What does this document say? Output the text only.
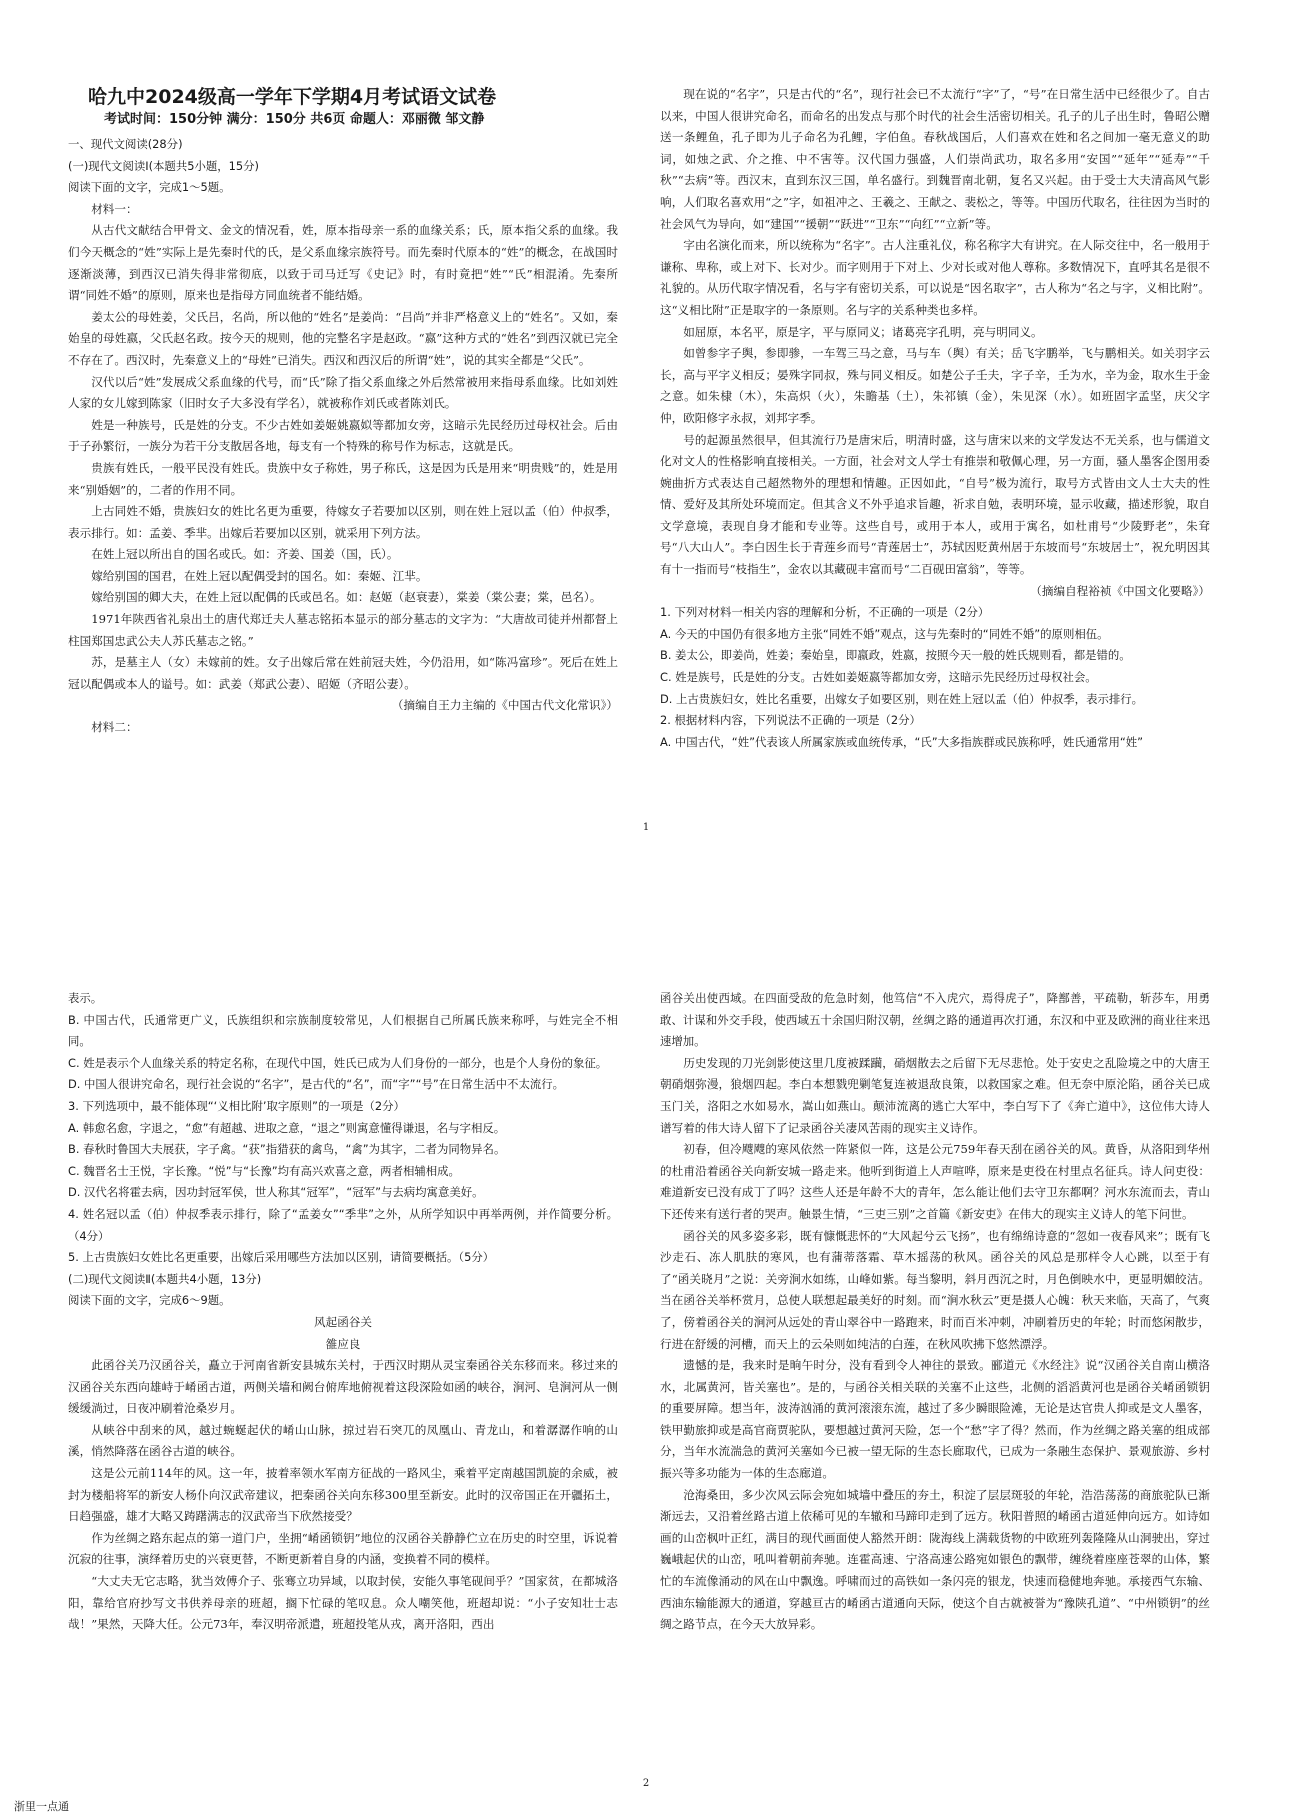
哈九中2024级高一学年下学期4月考试语文试卷
考试时间：150分钟 满分：150分 共6页 命题人：邓丽微 邹文静

一、现代文阅读(28分)

(一)现代文阅读Ⅰ(本题共5小题，15分)

阅读下面的文字，完成1～5题。

材料一：

从古代文献结合甲骨文、金文的情况看，姓，原本指母亲一系的血缘关系；氏，原本指父系的血缘。我们今天概念的“姓”实际上是先秦时代的氏，是父系血缘宗族符号。而先秦时代原本的“姓”的概念，在战国时逐渐淡薄，到西汉已消失得非常彻底，以致于司马迁写《史记》时，有时竟把“姓”“氏”相混淆。先秦所谓“同姓不婚”的原则，原来也是指母方同血统者不能结婚。

姜太公的母姓姜，父氏吕，名尚，所以他的“姓名”是姜尚：“吕尚”并非严格意义上的“姓名”。又如，秦始皇的母姓嬴，父氏赵名政。按今天的规则，他的完整名字是赵政。“嬴”这种方式的“姓名”到西汉就已完全不存在了。西汉时，先秦意义上的“母姓”已消失。西汉和西汉后的所谓“姓”，说的其实全都是“父氏”。

汉代以后“姓”发展成父系血缘的代号，而“氏”除了指父系血缘之外后然常被用来指母系血缘。比如刘姓人家的女儿嫁到陈家（旧时女子大多没有学名），就被称作刘氏或者陈刘氏。

姓是一种族号，氏是姓的分支。不少古姓如姜姬姚嬴姒等都加女旁，这暗示先民经历过母权社会。后由于子孙繁衍，一族分为若干分支散居各地，每支有一个特殊的称号作为标志，这就是氏。

贵族有姓氏，一般平民没有姓氏。贵族中女子称姓，男子称氏，这是因为氏是用来“明贵贱”的，姓是用来“别婚姻”的，二者的作用不同。

上古同姓不婚，贵族妇女的姓比名更为重要，待嫁女子若要加以区别，则在姓上冠以孟（伯）仲叔季，表示排行。如：孟姜、季芈。出嫁后若要加以区别，就采用下列方法。

在姓上冠以所出自的国名或氏。如：齐姜、国姜（国，氏）。

嫁给别国的国君，在姓上冠以配偶受封的国名。如：秦姬、江芈。

嫁给别国的卿大夫，在姓上冠以配偶的氏或邑名。如：赵姬（赵衰妻），棠姜（棠公妻；棠，邑名）。

1971年陕西省礼泉出土的唐代郑迁夫人墓志铭拓本显示的部分墓志的文字为：“大唐故司徒并州都督上柱国郑国忠武公夫人苏氏墓志之铭。”

苏，是墓主人（女）未嫁前的姓。女子出嫁后常在姓前冠夫姓，今仍沿用，如“陈冯富珍”。死后在姓上冠以配偶或本人的谥号。如：武姜（郑武公妻）、昭姬（齐昭公妻）。

（摘编自王力主编的《中国古代文化常识》）

材料二：

现在说的“名字”，只是古代的“名”，现行社会已不太流行“字”了，“号”在日常生活中已经很少了。自古以来，中国人很讲究命名，而命名的出发点与那个时代的社会生活密切相关。孔子的儿子出生时，鲁昭公赠送一条鲤鱼，孔子即为儿子命名为孔鲤，字伯鱼。春秋战国后，人们喜欢在姓和名之间加一毫无意义的助词，如烛之武、介之推、中不害等。汉代国力强盛，人们崇尚武功，取名多用“安国”“延年”“延寿”“千秋”“去病”等。西汉末，直到东汉三国，单名盛行。到魏晋南北朝，复名又兴起。由于受士大夫清高风气影响，人们取名喜欢用“之”字，如祖冲之、王羲之、王献之、裴松之，等等。中国历代取名，往往因为当时的社会风气为导向，如“建国”“援朝”“跃进”“卫东”“向红”“立新”等。

字由名演化而来，所以统称为“名字”。古人注重礼仪，称名称字大有讲究。在人际交往中，名一般用于谦称、卑称，或上对下、长对少。而字则用于下对上、少对长或对他人尊称。多数情况下，直呼其名是很不礼貌的。从历代取字情况看，名与字有密切关系，可以说是“因名取字”，古人称为“名之与字，义相比附”。这“义相比附”正是取字的一条原则。名与字的关系种类也多样。

如屈原，本名平，原是字，平与原同义；诸葛亮字孔明，亮与明同义。

如曾参字子舆，参即骖，一车驾三马之意，马与车（舆）有关；岳飞字鹏举，飞与鹏相关。如关羽字云长，高与平字义相反；晏殊字同叔，殊与同义相反。如楚公子壬夫，字子辛，壬为水，辛为金，取水生于金之意。如朱棣（木），朱高炽（火），朱瞻基（土），朱祁镇（金），朱见深（水）。如班固字孟坚，庆父字仲，欧阳修字永叔，刘邦字季。

号的起源虽然很早，但其流行乃是唐宋后，明清时盛，这与唐宋以来的文学发达不无关系，也与儒道文化对文人的性格影响直接相关。一方面，社会对文人学士有推崇和敬佩心理，另一方面，骚人墨客企图用委婉曲折方式表达自己超然物外的理想和情趣。正因如此，“自号”极为流行，取号方式皆由文人士大夫的性情、爱好及其所处环境而定。但其含义不外乎追求旨趣，祈求自勉，表明环境，显示收藏，描述形貌，取自文学意境，表现自身才能和专业等。这些自号，或用于本人，或用于寓名，如杜甫号“少陵野老”，朱耷号“八大山人”。李白因生长于青莲乡而号“青莲居士”，苏轼因贬黄州居于东坡而号“东坡居士”，祝允明因其有十一指而号“枝指生”，金农以其藏砚丰富而号“二百砚田富翁”，等等。

（摘编自程裕祯《中国文化要略》）

1. 下列对材料一相关内容的理解和分析，不正确的一项是（2分）

A. 今天的中国仍有很多地方主张“同姓不婚”观点，这与先秦时的“同姓不婚”的原则相伍。

B. 姜太公，即姜尚，姓姜；秦始皇，即嬴政，姓嬴，按照今天一般的姓氏规则看，都是错的。

C. 姓是族号，氏是姓的分支。古姓如姜姬嬴等都加女旁，这暗示先民经历过母权社会。

D. 上古贵族妇女，姓比名重要，出嫁女子如要区别，则在姓上冠以孟（伯）仲叔季，表示排行。

2. 根据材料内容，下列说法不正确的一项是（2分）

A. 中国古代，“姓”代表该人所属家族或血统传承，“氏”大多指族群或民族称呼，姓氏通常用“姓”

1

表示。

B. 中国古代，氏通常更广义，氏族组织和宗族制度较常见，人们根据自己所属氏族来称呼，与姓完全不相同。

C. 姓是表示个人血缘关系的特定名称，在现代中国，姓氏已成为人们身份的一部分，也是个人身份的象征。

D. 中国人很讲究命名，现行社会说的“名字”，是古代的“名”，而“字”“号”在日常生活中不太流行。

3. 下列选项中，最不能体现“‘义相比附’取字原则”的一项是（2分）

A. 韩愈名愈，字退之，“愈”有超越、进取之意，“退之”则寓意懂得谦退，名与字相反。

B. 春秋时鲁国大夫展获，字子禽。“获”指猎获的禽鸟，“禽”为其字，二者为同物异名。

C. 魏晋名士王悦，字长豫。“悦”与“长豫”均有高兴欢喜之意，两者相辅相成。

D. 汉代名将霍去病，因功封冠军侯，世人称其“冠军”，“冠军”与去病均寓意美好。

4. 姓名冠以孟（伯）仲叔季表示排行，除了“孟姜女”“季芈”之外，从所学知识中再举两例，并作简要分析。（4分）

5. 上古贵族妇女姓比名更重要，出嫁后采用哪些方法加以区别，请简要概括。（5分）

(二)现代文阅读Ⅱ(本题共4小题，13分)

阅读下面的文字，完成6～9题。

风起函谷关

雒应良

此函谷关乃汉函谷关，矗立于河南省新安县城东关村，于西汉时期从灵宝秦函谷关东移而来。移过来的汉函谷关东西向雄峙于崤函古道，两侧关墙和阙台俯库地俯视着这段深险如函的峡谷，涧河、皂涧河从一侧缓缓淌过，日夜冲刷着沧桑岁月。

从峡谷中刮来的风，越过蜿蜒起伏的崤山山脉，掠过岩石突兀的凤凰山、青龙山，和着潺潺作响的山溪，悄然降落在函谷古道的峡谷。

这是公元前114年的风。这一年，披着率领水军南方征战的一路风尘，乘着平定南越国凯旋的余威，被封为楼船将军的新安人杨仆向汉武帝建议，把秦函谷关向东移300里至新安。此时的汉帝国正在开疆拓土，日趋强盛，雄才大略又踌躇满志的汉武帝当下欣然接受？

作为丝绸之路东起点的第一道门户，坐拥“崤函锁钥”地位的汉函谷关静静伫立在历史的时空里，诉说着沉寂的往事，演绎着历史的兴衰更替，不断更新着自身的内涵，变换着不同的模样。

“大丈夫无它志略，犹当效傅介子、张骞立功异域，以取封侯，安能久事笔砚间乎？”国家贫，在都城洛阳，靠给官府抄写文书供养母亲的班超，搁下忙碌的笔叹息。众人嘲笑他，班超却说：“小子安知壮士志哉！”果然，天降大任。公元73年，奉汉明帝派遣，班超投笔从戎，离开洛阳，西出

函谷关出使西域。在四面受敌的危急时刻，他笃信“不入虎穴，焉得虎子”，降鄯善，平疏勒，斩莎车，用勇敢、计谋和外交手段，使西域五十余国归附汉朝，丝绸之路的通道再次打通，东汉和中亚及欧洲的商业往来迅速增加。

历史发现的刀光剑影使这里几度被蹂躏，硝烟散去之后留下无尽悲怆。处于安史之乱险境之中的大唐王朝硝烟弥漫，狼烟四起。李白本想戮兜剿笔复连被退敌良策，以救国家之难。但无奈中原沦陷，函谷关已成玉门关，洛阳之水如易水，嵩山如燕山。颠沛流离的逃亡大军中，李白写下了《奔亡道中》，这位伟大诗人谱写着的伟大诗人留下了记录函谷关凄风苦雨的现实主义诗作。

初春，但冷飕飕的寒风依然一阵紧似一阵，这是公元759年春天刮在函谷关的风。黄昏，从洛阳到华州的杜甫沿着函谷关向新安城一路走来。他听到街道上人声喧哗，原来是吏役在村里点名征兵。诗人问吏役：难道新安已没有成丁了吗？这些人还是年龄不大的青年，怎么能让他们去守卫东都啊？河水东流而去，青山下还传来有送行者的哭声。触景生情，“三吏三别”之首篇《新安吏》在伟大的现实主义诗人的笔下问世。

函谷关的风多姿多彩，既有慷慨悲怀的“大风起兮云飞扬”，也有绵绵诗意的“忽如一夜春风来”；既有飞沙走石、冻人肌肤的寒风，也有蒲蒂落霜、草木摇荡的秋风。函谷关的风总是那样令人心跳，以至于有了“函关晓月”之说：关旁涧水如练，山峰如紫。每当黎明，斜月西沉之时，月色倒映水中，更显明媚皎洁。当在函谷关举杯赏月，总使人联想起最美好的时刻。而“涧水秋云”更是摄人心魄：秋天来临，天高了，气爽了，傍着函谷关的涧河从远处的青山翠谷中一路跑来，时而百米冲刺，冲刷着历史的年轮；时而悠闲散步，行进在舒缓的河槽，而天上的云朵则如纯洁的白莲，在秋风吹拂下悠然漂浮。

遗憾的是，我来时是晌午时分，没有看到令人神往的景致。郦道元《水经注》说“汉函谷关自南山横洛水，北属黄河，皆关塞也”。是的，与函谷关相关联的关塞不止这些，北侧的滔滔黄河也是函谷关崤函锁钥的重要屏障。想当年，波涛汹涌的黄河滚滚东流，越过了多少瞬眼险滩，无论是达官贵人抑或是文人墨客，铁甲勤旅抑或是高官商贾驼队，要想越过黄河天险，怎一个“愁”字了得？然而，作为丝绸之路关塞的组成部分，当年水流湍急的黄河关塞如今已被一望无际的生态长廊取代，已成为一条融生态保护、景观旅游、乡村振兴等多功能为一体的生态廊道。

沧海桑田，多少次风云际会宛如城墙中叠压的夯土，积淀了层层斑驳的年轮，浩浩荡荡的商旅驼队已渐渐远去，又沿着丝路古道上依稀可见的车辙和马蹄印走到了远方。秋阳普照的崤函古道延伸向远方。如诗如画的山峦枫叶正红，满目的现代画面使人豁然开朗：陇海线上满载货物的中欧班列轰隆隆从山洞驶出，穿过巍峨起伏的山峦，吼叫着朝前奔驰。连霍高速、宁洛高速公路宛如银色的飘带，缠绕着座座苍翠的山体，繁忙的车流像涌动的风在山中飘逸。呼啸而过的高铁如一条闪亮的银龙，快速而稳健地奔驰。承接西气东输、西油东输能源大的通道，穿越亘古的崤函古道通向天际，使这个自古就被誉为“豫陕孔道”、“中州锁钥”的丝绸之路节点，在今天大放异彩。

2
浙里一点通
